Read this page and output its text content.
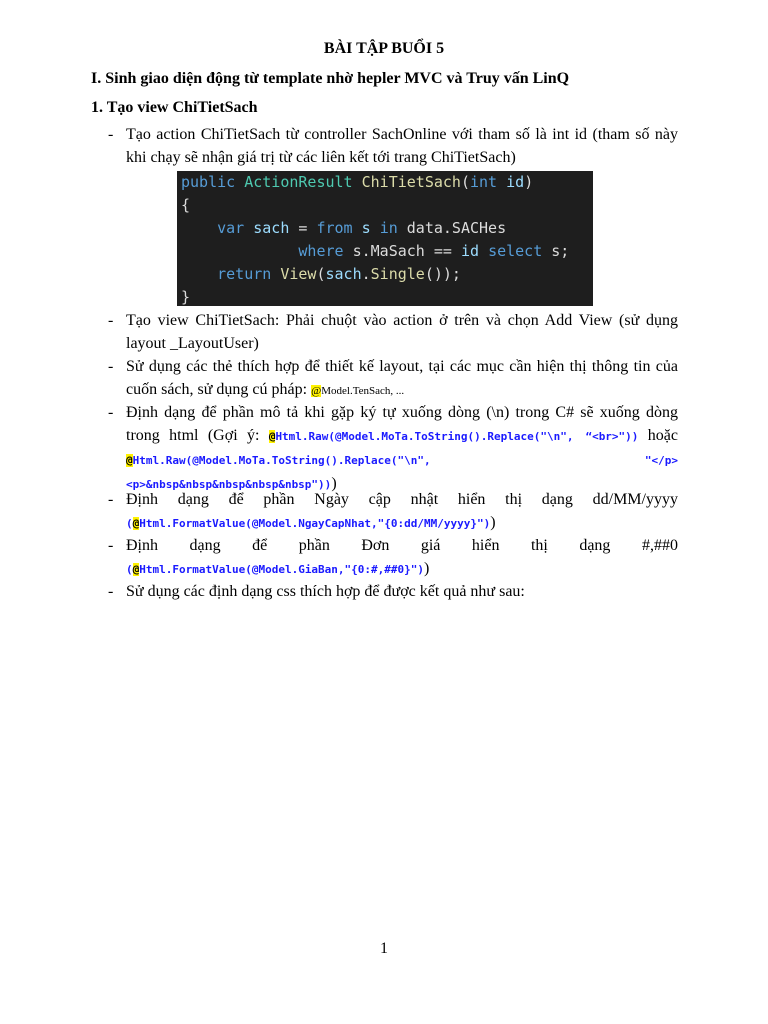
BÀI TẬP BUỔI 5
I. Sinh giao diện động từ template nhờ hepler MVC và Truy vấn LinQ
1. Tạo view ChiTietSach
- Tạo action ChiTietSach từ controller SachOnline với tham số là int id (tham số này khi chạy sẽ nhận giá trị từ các liên kết tới trang ChiTietSach)
public ActionResult ChiTietSach(int id)
{
var sach = from s in data.SACHes
where s.MaSach == id select s;
return View(sach.Single());
}
- Tạo view ChiTietSach: Phải chuột vào action ở trên và chọn Add View (sử dụng layout _LayoutUser)
- Sử dụng các thẻ thích hợp để thiết kế layout, tại các mục cần hiện thị thông tin của cuốn sách, sử dụng cú pháp: @Model.TenSach, ...
- Định dạng để phần mô tả khi gặp ký tự xuống dòng (\n) trong C# sẽ xuống dòng trong html (Gợi ý: @Html.Raw(@Model.MoTa.ToString().Replace("\n", “<br>")) hoặc @Html.Raw(@Model.MoTa.ToString().Replace("\n", "</p><p>&nbsp&nbsp&nbsp&nbsp&nbsp")))
- Định dạng để phần Ngày cập nhật hiển thị dạng dd/MM/yyyy
(@Html.FormatValue(@Model.NgayCapNhat,"{0:dd/MM/yyyy}"))
- Định dạng để phần Đơn giá hiển thị dạng #,##0
(@Html.FormatValue(@Model.GiaBan,"{0:#,##0}"))
- Sử dụng các định dạng css thích hợp để được kết quả như sau:
1
